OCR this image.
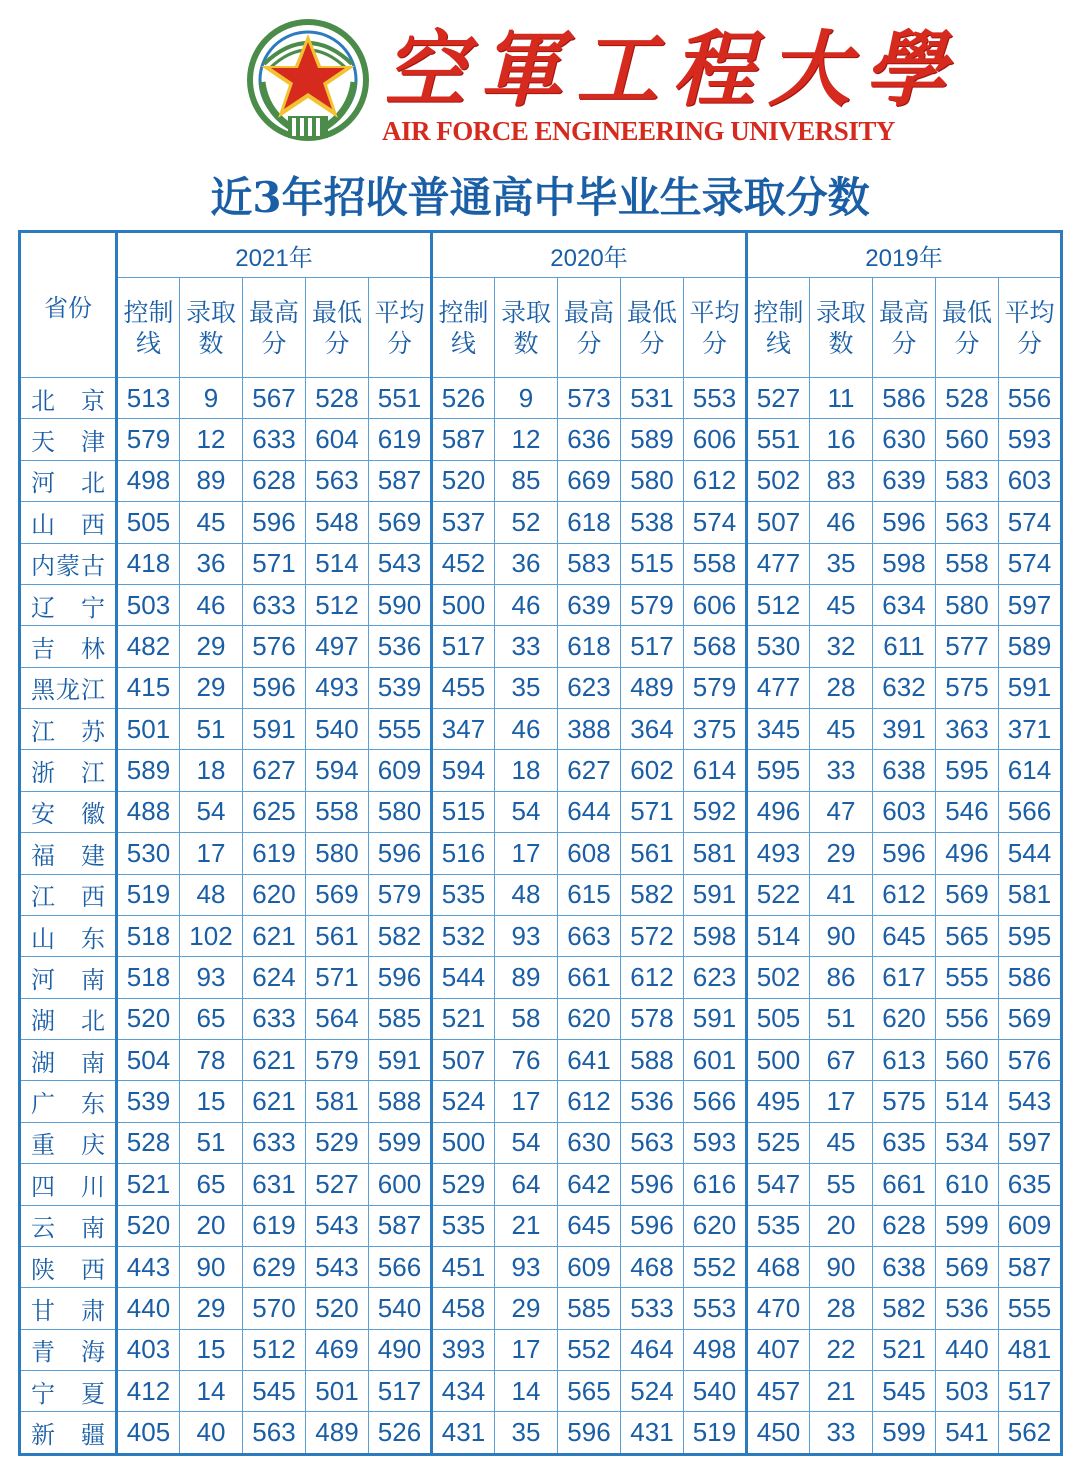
空軍工程大學
AIR FORCE ENGINEERING UNIVERSITY
近3年招收普通高中毕业生录取分数
省份	2021年					2020年					2019年				

	控制线	录取数	最高分	最低分	平均分	控制线	录取数	最高分	最低分	平均分	控制线	录取数	最高分	最低分	平均分

北京	513	9	567	528	551	526	9	573	531	553	527	11	586	528	556
天津	579	12	633	604	619	587	12	636	589	606	551	16	630	560	593
河北	498	89	628	563	587	520	85	669	580	612	502	83	639	583	603
山西	505	45	596	548	569	537	52	618	538	574	507	46	596	563	574
内蒙古	418	36	571	514	543	452	36	583	515	558	477	35	598	558	574
辽宁	503	46	633	512	590	500	46	639	579	606	512	45	634	580	597
吉林	482	29	576	497	536	517	33	618	517	568	530	32	611	577	589
黑龙江	415	29	596	493	539	455	35	623	489	579	477	28	632	575	591
江苏	501	51	591	540	555	347	46	388	364	375	345	45	391	363	371
浙江	589	18	627	594	609	594	18	627	602	614	595	33	638	595	614
安徽	488	54	625	558	580	515	54	644	571	592	496	47	603	546	566
福建	530	17	619	580	596	516	17	608	561	581	493	29	596	496	544
江西	519	48	620	569	579	535	48	615	582	591	522	41	612	569	581
山东	518	102	621	561	582	532	93	663	572	598	514	90	645	565	595
河南	518	93	624	571	596	544	89	661	612	623	502	86	617	555	586
湖北	520	65	633	564	585	521	58	620	578	591	505	51	620	556	569
湖南	504	78	621	579	591	507	76	641	588	601	500	67	613	560	576
广东	539	15	621	581	588	524	17	612	536	566	495	17	575	514	543
重庆	528	51	633	529	599	500	54	630	563	593	525	45	635	534	597
四川	521	65	631	527	600	529	64	642	596	616	547	55	661	610	635
云南	520	20	619	543	587	535	21	645	596	620	535	20	628	599	609
陕西	443	90	629	543	566	451	93	609	468	552	468	90	638	569	587
甘肃	440	29	570	520	540	458	29	585	533	553	470	28	582	536	555
青海	403	15	512	469	490	393	17	552	464	498	407	22	521	440	481
宁夏	412	14	545	501	517	434	14	565	524	540	457	21	545	503	517
新疆	405	40	563	489	526	431	35	596	431	519	450	33	599	541	562
